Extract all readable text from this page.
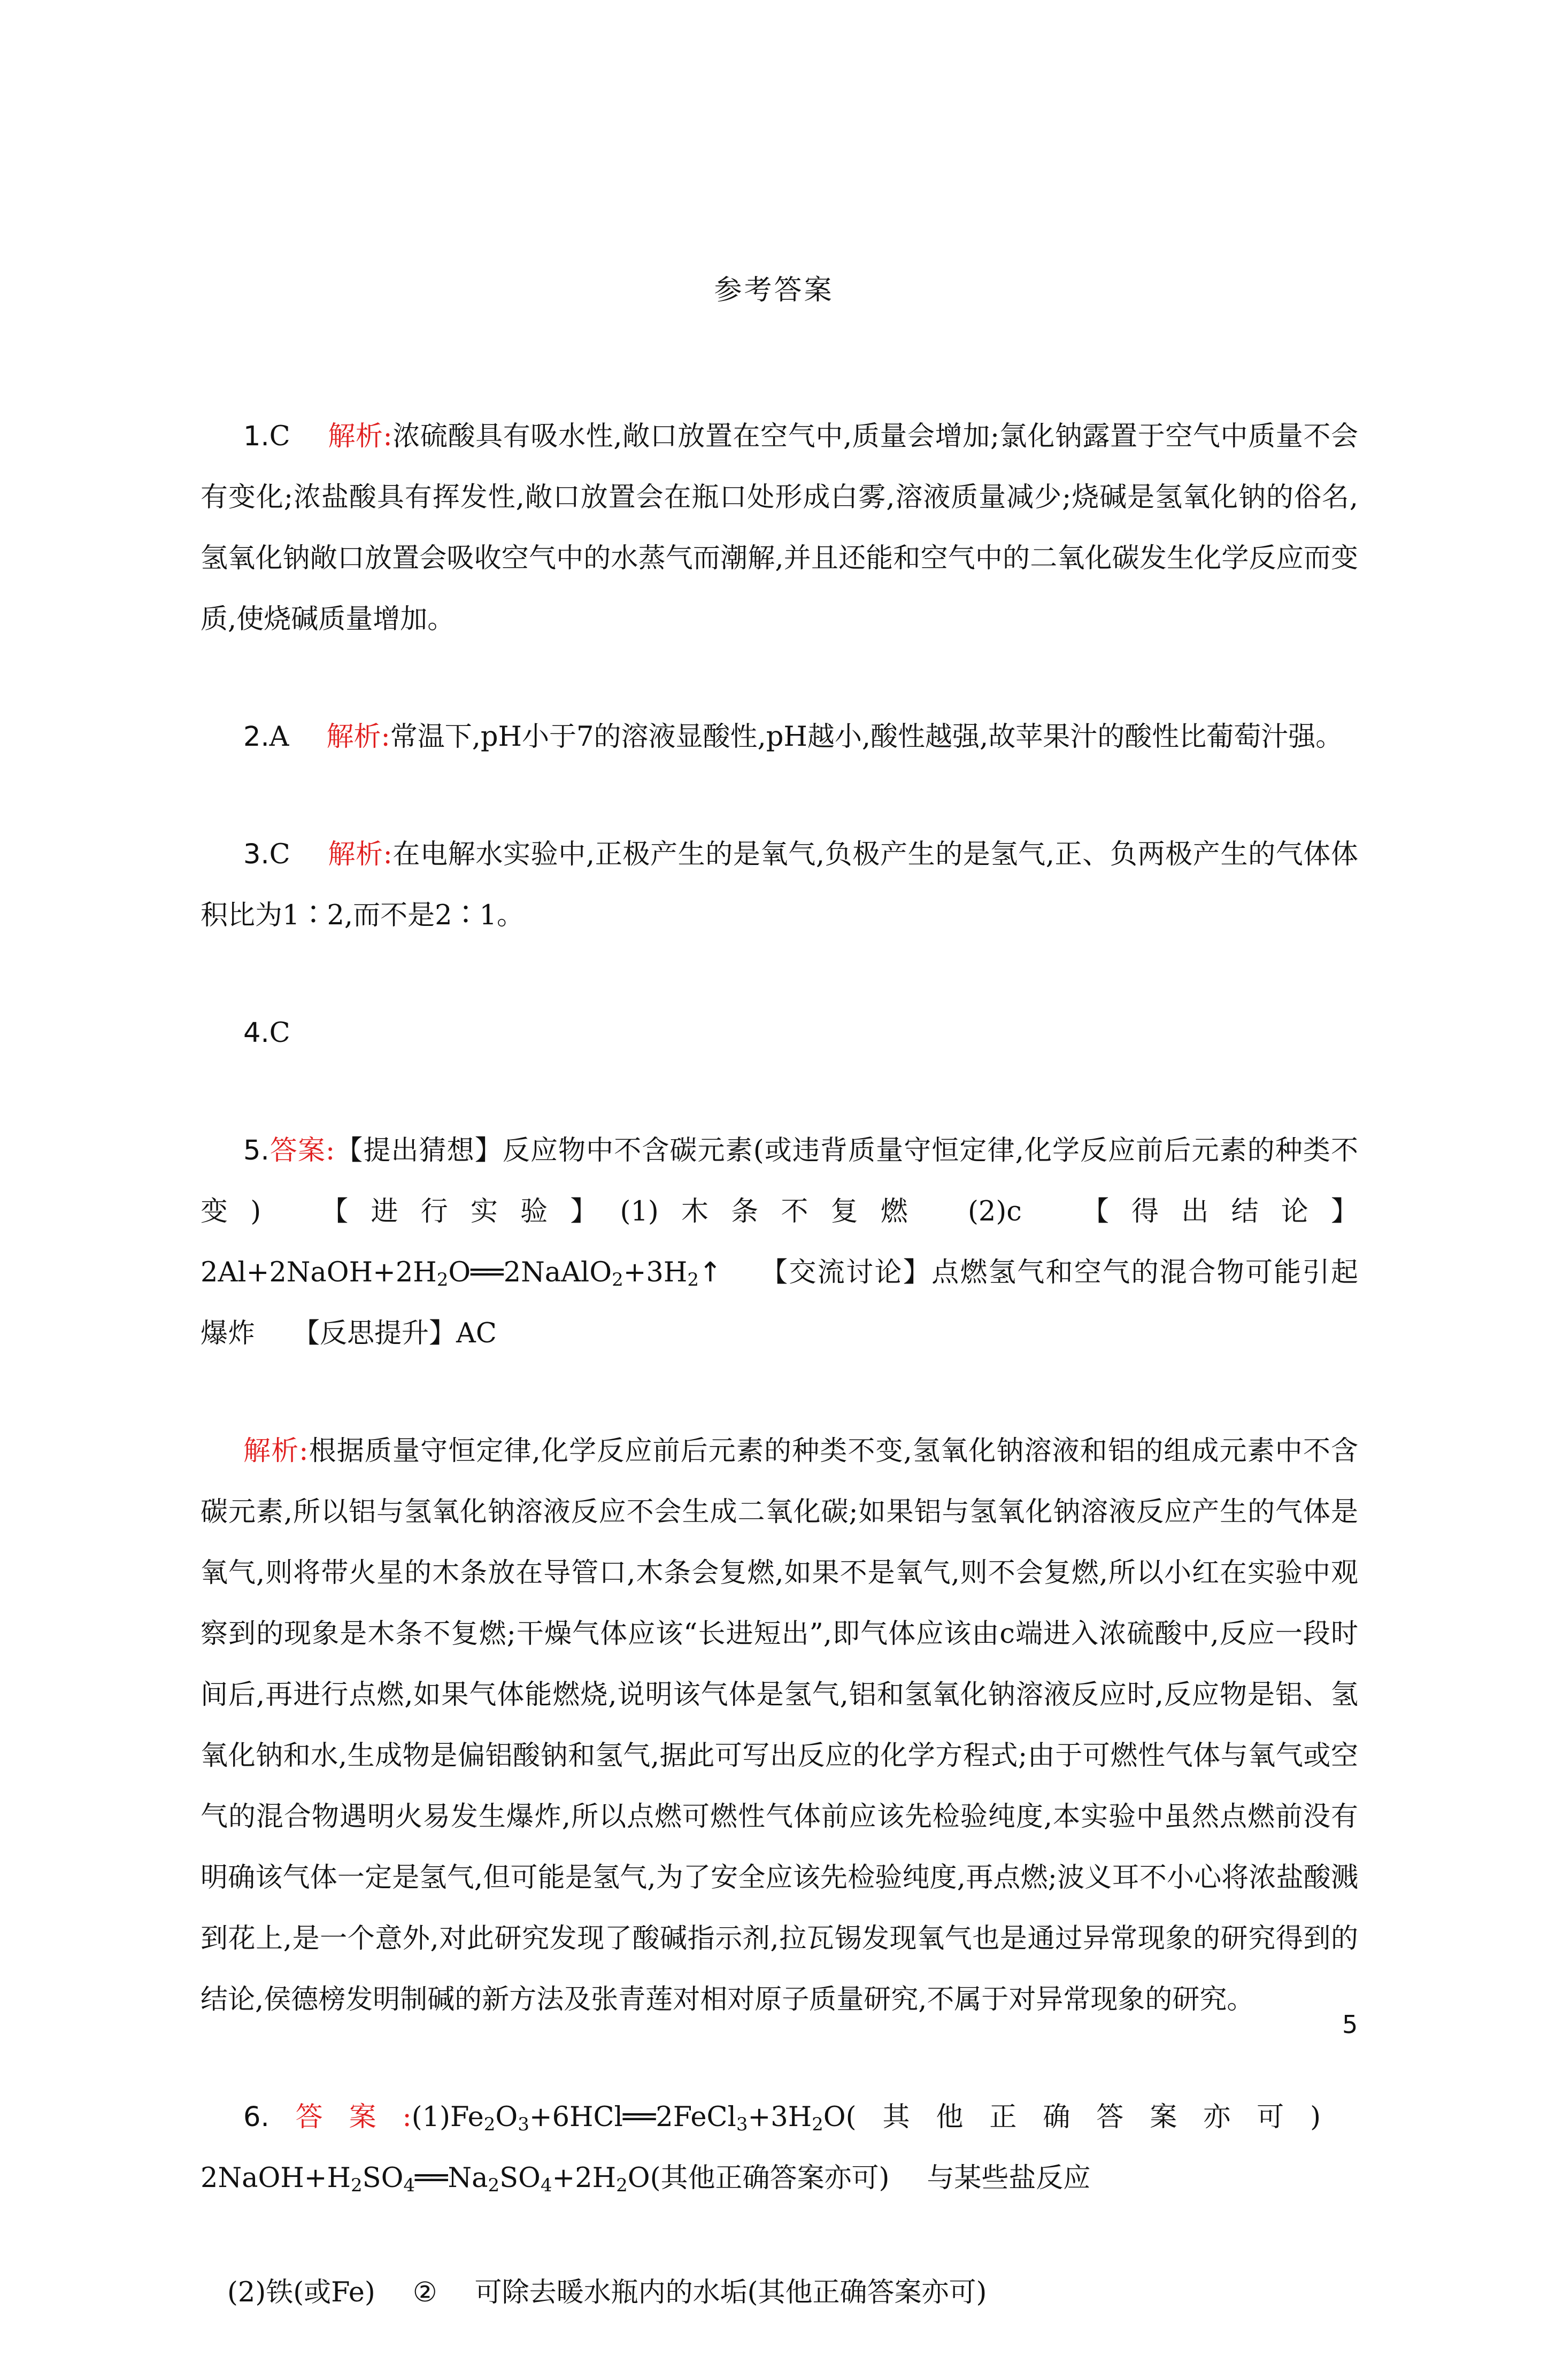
参考答案

1.C 解析:浓硫酸具有吸水性,敞口放置在空气中,质量会增加;氯化钠露置于空气中质量不会有变化;浓盐酸具有挥发性,敞口放置会在瓶口处形成白雾,溶液质量减少;烧碱是氢氧化钠的俗名,氢氧化钠敞口放置会吸收空气中的水蒸气而潮解,并且还能和空气中的二氧化碳发生化学反应而变质,使烧碱质量增加。

2.A 解析:常温下,pH小于7的溶液显酸性,pH越小,酸性越强,故苹果汁的酸性比葡萄汁强。

3.C 解析:在电解水实验中,正极产生的是氧气,负极产生的是氢气,正、负两极产生的气体体积比为1∶2,而不是2∶1。

4.C

5.答案:【提出猜想】反应物中不含碳元素(或违背质量守恒定律,化学反应前后元素的种类不变) 【进行实验】(1)木条不复燃 (2)c 【得出结论】$2Al+2NaOH+2H_2O══2NaAlO_2+3H_2↑$ 【交流讨论】点燃氢气和空气的混合物可能引起爆炸 【反思提升】AC

解析:根据质量守恒定律,化学反应前后元素的种类不变,氢氧化钠溶液和铝的组成元素中不含碳元素,所以铝与氢氧化钠溶液反应不会生成二氧化碳;如果铝与氢氧化钠溶液反应产生的气体是氧气,则将带火星的木条放在导管口,木条会复燃,如果不是氧气,则不会复燃,所以小红在实验中观察到的现象是木条不复燃;干燥气体应该“长进短出”,即气体应该由c端进入浓硫酸中,反应一段时间后,再进行点燃,如果气体能燃烧,说明该气体是氢气,铝和氢氧化钠溶液反应时,反应物是铝、氢氧化钠和水,生成物是偏铝酸钠和氢气,据此可写出反应的化学方程式;由于可燃性气体与氧气或空气的混合物遇明火易发生爆炸,所以点燃可燃性气体前应该先检验纯度,本实验中虽然点燃前没有明确该气体一定是氢气,但可能是氢气,为了安全应该先检验纯度,再点燃;波义耳不小心将浓盐酸溅到花上,是一个意外,对此研究发现了酸碱指示剂,拉瓦锡发现氧气也是通过异常现象的研究得到的结论,侯德榜发明制碱的新方法及张青莲对相对原子质量研究,不属于对异常现象的研究。

6.答案$:(1)Fe_2O_3+6HCl══2FeCl_3+3H_2O$(其他正确答案亦可)$2NaOH+H_2SO_4══Na_2SO_4+2H_2O$(其他正确答案亦可) 与某些盐反应

(2)铁(或Fe) ② 可除去暖水瓶内的水垢(其他正确答案亦可)

5
